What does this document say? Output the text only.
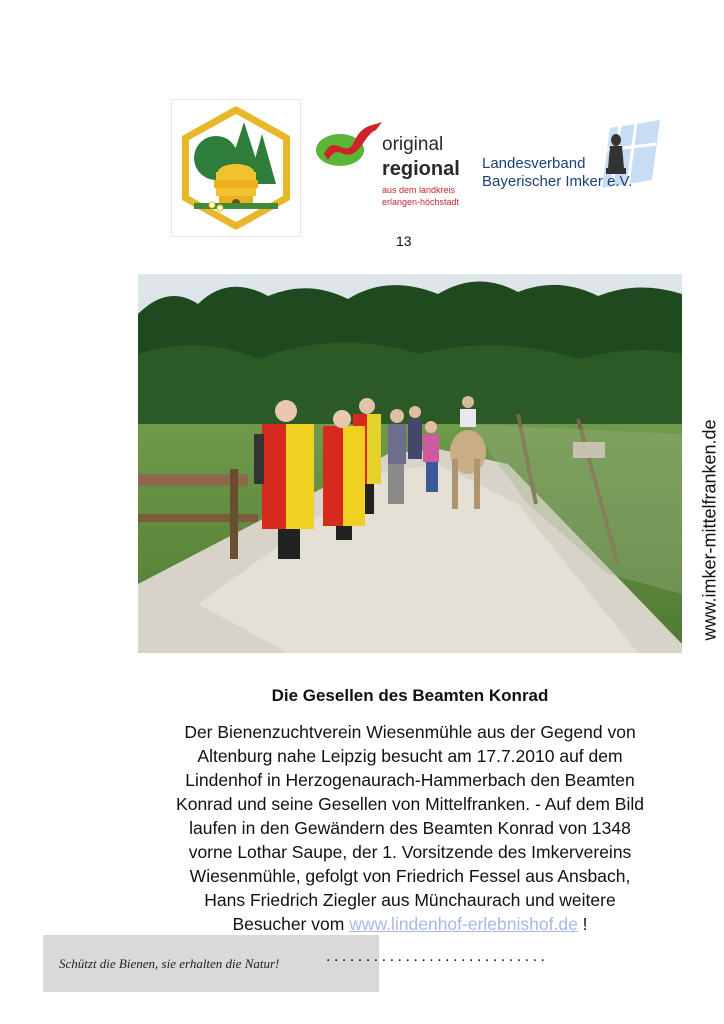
original
regional
aus dem landkreis
erlangen-höchstadt
Landesverband
Bayerischer Imker e.V.
13
www.imker-mittelfranken.de
Die Gesellen des Beamten Konrad
Der Bienenzuchtverein Wiesenmühle aus der Gegend von
Altenburg nahe Leipzig besucht am 17.7.2010 auf dem
Lindenhof in Herzogenaurach-Hammerbach den Beamten
Konrad und seine Gesellen von Mittelfranken. - Auf dem Bild
laufen in den Gewändern des Beamten Konrad von 1348
vorne Lothar Saupe, der 1. Vorsitzende des Imkervereins
Wiesenmühle, gefolgt von Friedrich Fessel aus Ansbach,
Hans Friedrich Ziegler aus Münchaurach und weitere
Besucher vom www.lindenhof-erlebnishof.de !
Schützt die Bienen, sie erhalten die Natur!	............................
